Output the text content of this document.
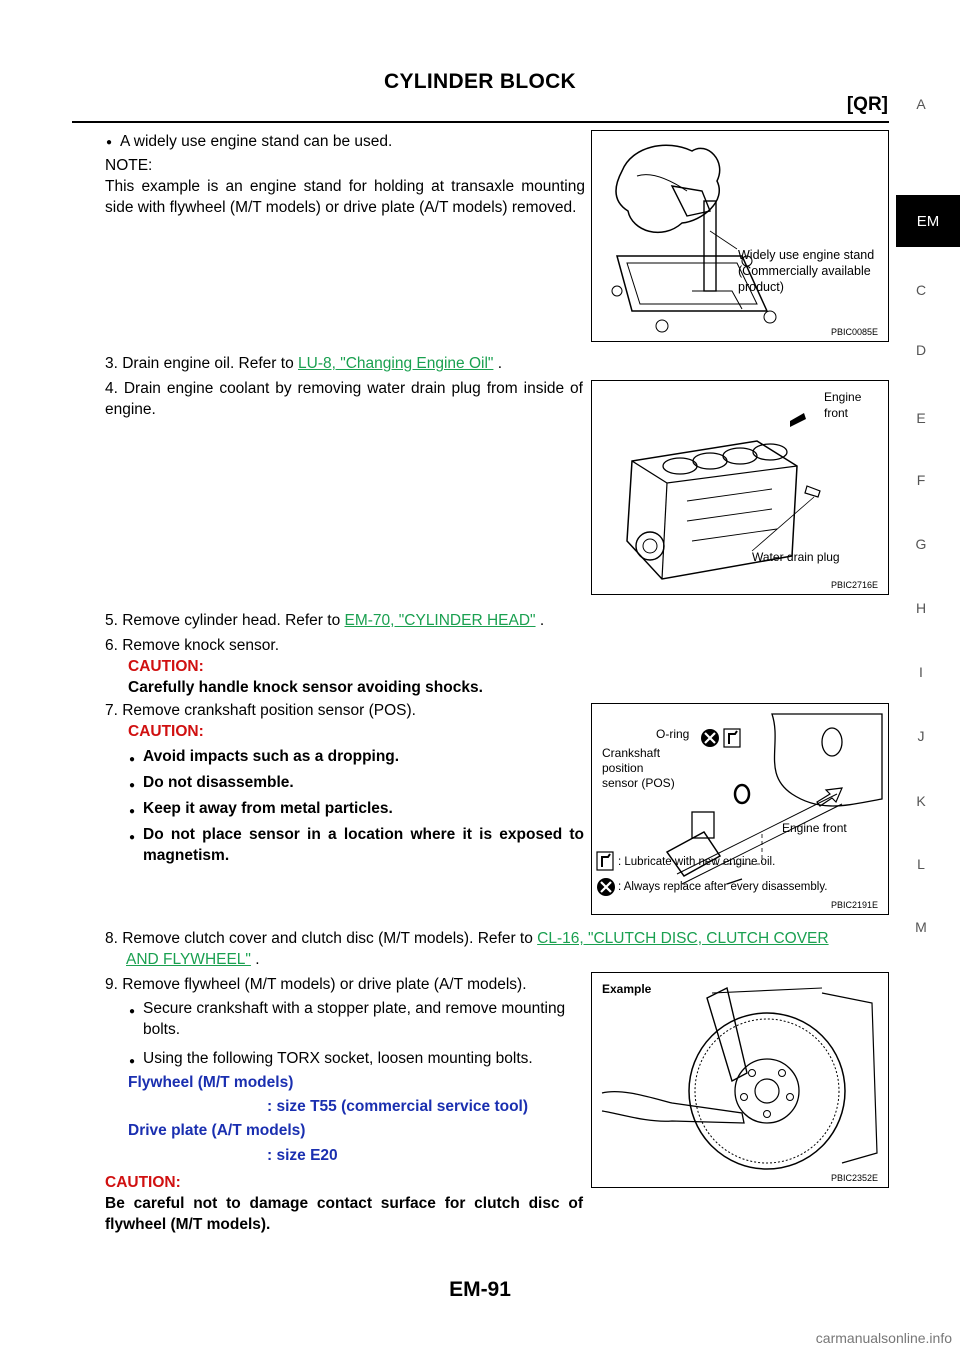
CYLINDER BLOCK
[QR]	A
EM
C
D
E
F
G
H
I
J
K
L
M
● A widely use engine stand can be used.
NOTE:
This example is an engine stand for holding at transaxle mounting side with flywheel (M/T models) or drive plate (A/T models) removed.
Widely use engine stand
(Commercially available
product)
PBIC0085E
3. Drain engine oil. Refer to LU-8, "Changing Engine Oil" .
4. Drain engine coolant by removing water drain plug from inside of engine.
Engine
front
Water drain plug
PBIC2716E
5. Remove cylinder head. Refer to EM-70, "CYLINDER HEAD" .
6. Remove knock sensor.
CAUTION:
Carefully handle knock sensor avoiding shocks.
7. Remove crankshaft position sensor (POS).
CAUTION:
Avoid impacts such as a dropping.
Do not disassemble.
Keep it away from metal particles.
Do not place sensor in a location where it is exposed to magnetism.
O-ring
Crankshaft
position
sensor (POS)
Engine front
: Lubricate with new engine oil.
: Always replace after every disassembly.
PBIC2191E
8. Remove clutch cover and clutch disc (M/T models). Refer to CL-16, "CLUTCH DISC, CLUTCH COVER
AND FLYWHEEL" .
9. Remove flywheel (M/T models) or drive plate (A/T models).
Secure crankshaft with a stopper plate, and remove mounting bolts.
Using the following TORX socket, loosen mounting bolts.
Flywheel (M/T models)
: size T55 (commercial service tool)
Drive plate (A/T models)
: size E20
CAUTION:
Be careful not to damage contact surface for clutch disc of flywheel (M/T models).
Example
PBIC2352E
EM-91
carmanualsonline.info
